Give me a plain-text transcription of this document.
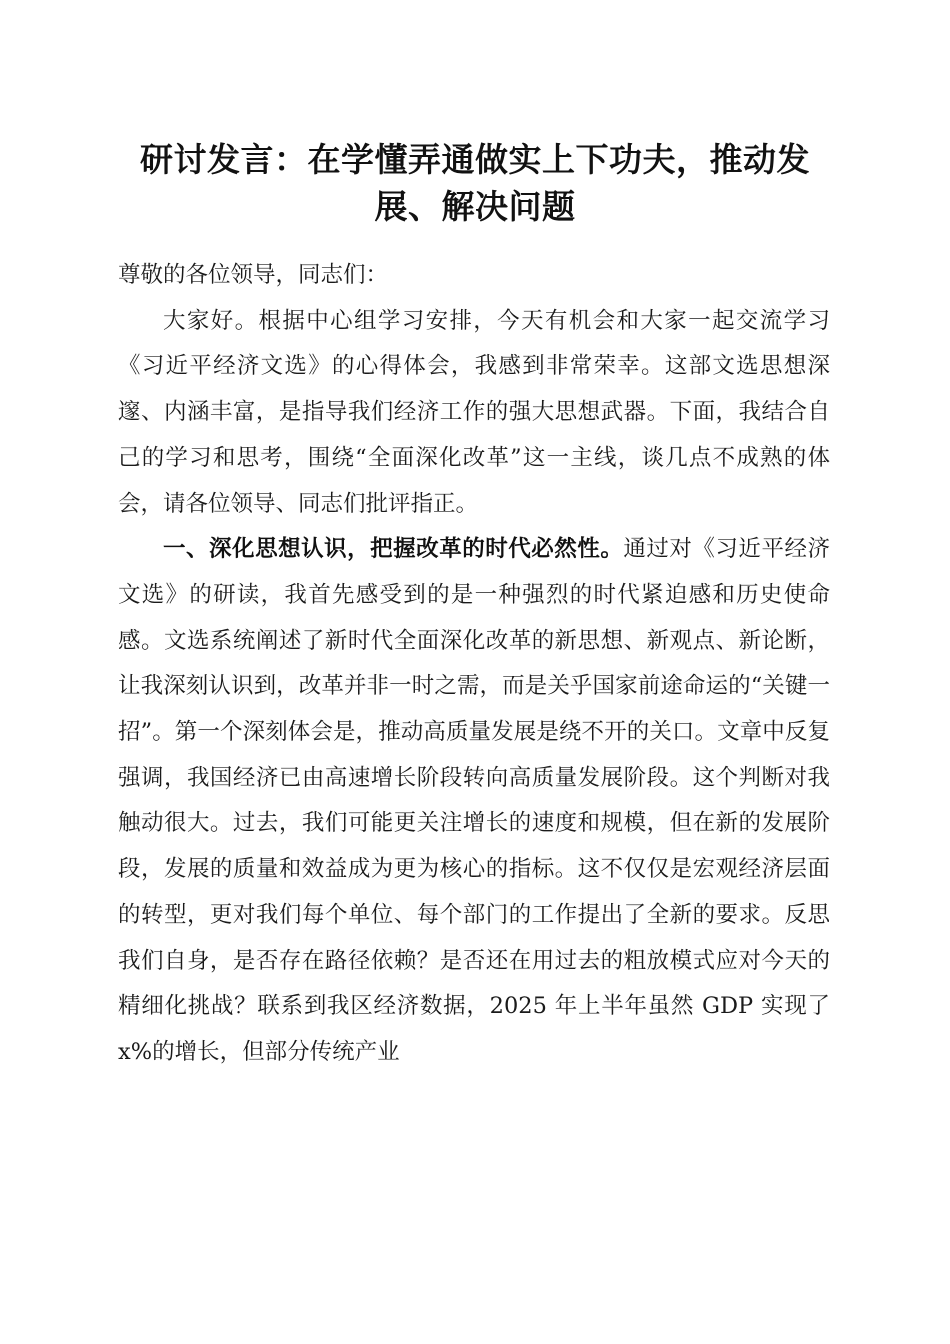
研讨发言：在学懂弄通做实上下功夫，推动发展、解决问题

尊敬的各位领导，同志们：

大家好。根据中心组学习安排，今天有机会和大家一起交流学习《习近平经济文选》的心得体会，我感到非常荣幸。这部文选思想深邃、内涵丰富，是指导我们经济工作的强大思想武器。下面，我结合自己的学习和思考，围绕“全面深化改革”这一主线，谈几点不成熟的体会，请各位领导、同志们批评指正。

一、深化思想认识，把握改革的时代必然性。通过对《习近平经济文选》的研读，我首先感受到的是一种强烈的时代紧迫感和历史使命感。文选系统阐述了新时代全面深化改革的新思想、新观点、新论断，让我深刻认识到，改革并非一时之需，而是关乎国家前途命运的“关键一招”。第一个深刻体会是，推动高质量发展是绕不开的关口。文章中反复强调，我国经济已由高速增长阶段转向高质量发展阶段。这个判断对我触动很大。过去，我们可能更关注增长的速度和规模，但在新的发展阶段，发展的质量和效益成为更为核心的指标。这不仅仅是宏观经济层面的转型，更对我们每个单位、每个部门的工作提出了全新的要求。反思我们自身，是否存在路径依赖？是否还在用过去的粗放模式应对今天的精细化挑战？联系到我区经济数据，2025 年上半年虽然 GDP 实现了 x%的增长，但部分传统产业
